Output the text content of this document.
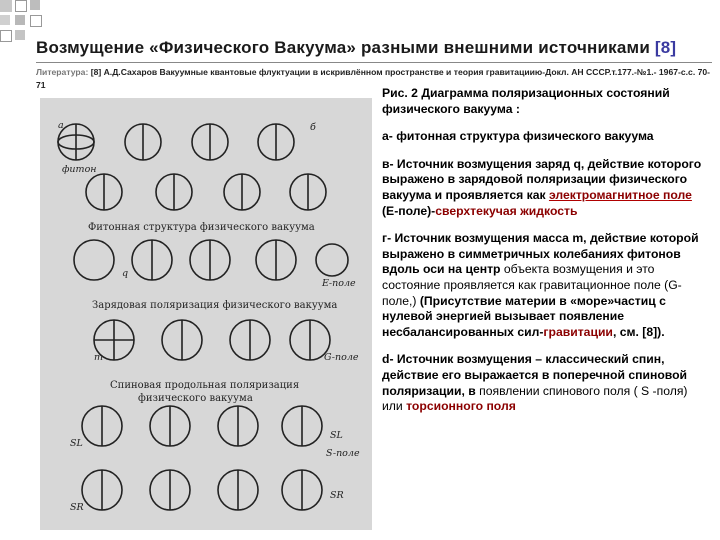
Возмущение «Физического Вакуума» разными внешними источниками [8]
Литература: [8] А.Д.Сахаров Вакуумные квантовые флуктуации в искривлённом пространстве и теория гравитациию-Докл. АН СССР.т.177.-№1.- 1967-с.с. 70-71
а	б
фитон
q
Е-поле
m	G-поле
SL
SL
S-поле
SR
SR
Фитонная структура физического вакуума
Зарядовая поляризация физического вакуума
Спиновая продольная поляризация
физического вакуума

Рис. 2 Диаграмма поляризационных состояний физического вакуума :

а- фитонная структура физического вакуума

в- Источник возмущения заряд q, действие которого выражено в зарядовой поляризации физического вакуума и проявляется как электромагнитное поле (Е-поле)-сверхтекучая жидкость

г- Источник возмущения масса m, действие которой выражено в симметричных колебаниях фитонов вдоль оси на центр объекта возмущения и это состояние проявляется как гравитационное поле (G-поле,) (Присутствие материи в «море»частиц с нулевой энергией вызывает появление несбалансированных сил-гравитации, см. [8]).

d- Источник возмущения – классический спин, действие его выражается в поперечной спиновой поляризации, в появлении спинового поля ( S -поля) или торсионного поля
